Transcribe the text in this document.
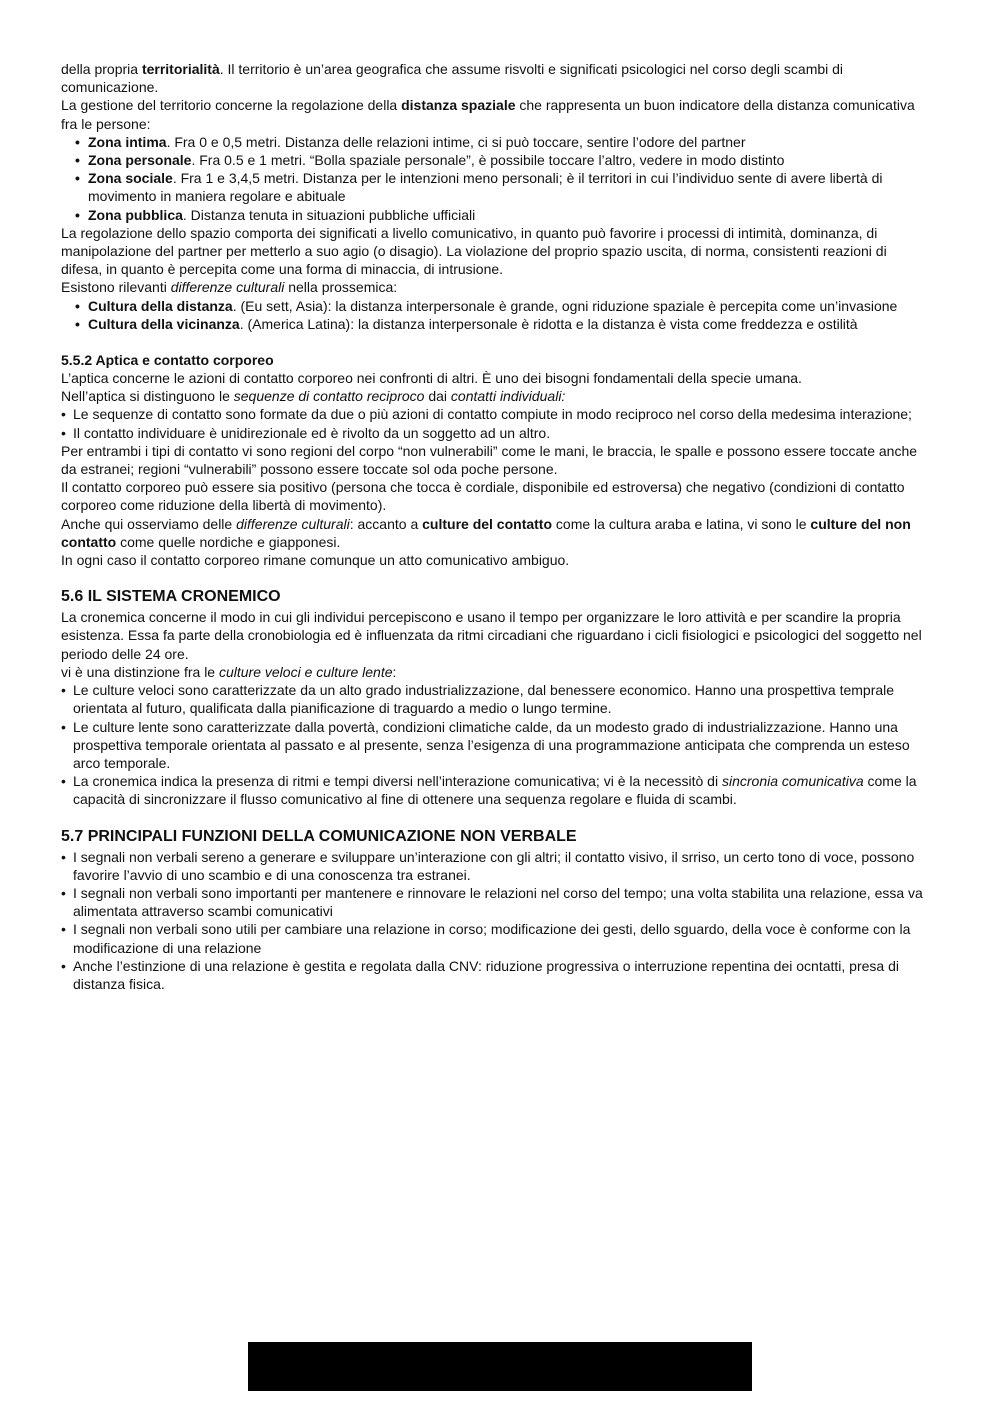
della propria territorialità. Il territorio è un’area geografica che assume risvolti e significati psicologici nel corso degli scambi di comunicazione.

La gestione del territorio concerne la regolazione della distanza spaziale che rappresenta un buon indicatore della distanza comunicativa fra le persone:

• Zona intima. Fra 0 e 0,5 metri. Distanza delle relazioni intime, ci si può toccare, sentire l’odore del partner
• Zona personale. Fra 0.5 e 1 metri. “Bolla spaziale personale”, è possibile toccare l’altro, vedere in modo distinto
• Zona sociale. Fra 1 e 3,4,5 metri. Distanza per le intenzioni meno personali; è il territori in cui l’individuo sente di avere libertà di movimento in maniera regolare e abituale
• Zona pubblica. Distanza tenuta in situazioni pubbliche ufficiali

La regolazione dello spazio comporta dei significati a livello comunicativo, in quanto può favorire i processi di intimità, dominanza, di manipolazione del partner per metterlo a suo agio (o disagio). La violazione del proprio spazio uscita, di norma, consistenti reazioni di difesa, in quanto è percepita come una forma di minaccia, di intrusione.

Esistono rilevanti differenze culturali nella prossemica:

• Cultura della distanza. (Eu sett, Asia): la distanza interpersonale è grande, ogni riduzione spaziale è percepita come un’invasione
• Cultura della vicinanza. (America Latina): la distanza interpersonale è ridotta e la distanza è vista come freddezza e ostilità
5.5.2 Aptica e contatto corporeo

L’aptica concerne le azioni di contatto corporeo nei confronti di altri. È uno dei bisogni fondamentali della specie umana.

Nell’aptica si distinguono le sequenze di contatto reciproco dai contatti individuali:

• Le sequenze di contatto sono formate da due o più azioni di contatto compiute in modo reciproco nel corso della medesima interazione;
• Il contatto individuare è unidirezionale ed è rivolto da un soggetto ad un altro.

Per entrambi i tipi di contatto vi sono regioni del corpo “non vulnerabili” come le mani, le braccia, le spalle e possono essere toccate anche da estranei; regioni “vulnerabili” possono essere toccate sol oda poche persone.

Il contatto corporeo può essere sia positivo (persona che tocca è cordiale, disponibile ed estroversa) che negativo (condizioni di contatto corporeo come riduzione della libertà di movimento).

Anche qui osserviamo delle differenze culturali: accanto a culture del contatto come la cultura araba e latina, vi sono le culture del non contatto come quelle nordiche e giapponesi.

In ogni caso il contatto corporeo rimane comunque un atto comunicativo ambiguo.

5.6 IL SISTEMA CRONEMICO

La cronemica concerne il modo in cui gli individui percepiscono e usano il tempo per organizzare le loro attività e per scandire la propria esistenza. Essa fa parte della cronobiologia ed è influenzata da ritmi circadiani che riguardano i cicli fisiologici e psicologici del soggetto nel periodo delle 24 ore.

vi è una distinzione fra le culture veloci e culture lente:

• Le culture veloci sono caratterizzate da un alto grado industrializzazione, dal benessere economico. Hanno una prospettiva temprale orientata al futuro, qualificata dalla pianificazione di traguardo a medio o lungo termine.
• Le culture lente sono caratterizzate dalla povertà, condizioni climatiche calde, da un modesto grado di industrializzazione. Hanno una prospettiva temporale orientata al passato e al presente, senza l’esigenza di una programmazione anticipata che comprenda un esteso arco temporale.
• La cronemica indica la presenza di ritmi e tempi diversi nell’interazione comunicativa; vi è la necessitò di sincronia comunicativa come la capacità di sincronizzare il flusso comunicativo al fine di ottenere una sequenza regolare e fluida di scambi.
5.7 PRINCIPALI FUNZIONI DELLA COMUNICAZIONE NON VERBALE
• I segnali non verbali sereno a generare e sviluppare un’interazione con gli altri; il contatto visivo, il srriso, un certo tono di voce, possono favorire l’avvio di uno scambio e di una conoscenza tra estranei.
• I segnali non verbali sono importanti per mantenere e rinnovare le relazioni nel corso del tempo; una volta stabilita una relazione, essa va alimentata attraverso scambi comunicativi
• I segnali non verbali sono utili per cambiare una relazione in corso; modificazione dei gesti, dello sguardo, della voce è conforme con la modificazione di una relazione
• Anche l’estinzione di una relazione è gestita e regolata dalla CNV: riduzione progressiva o interruzione repentina dei ocntatti, presa di distanza fisica.
